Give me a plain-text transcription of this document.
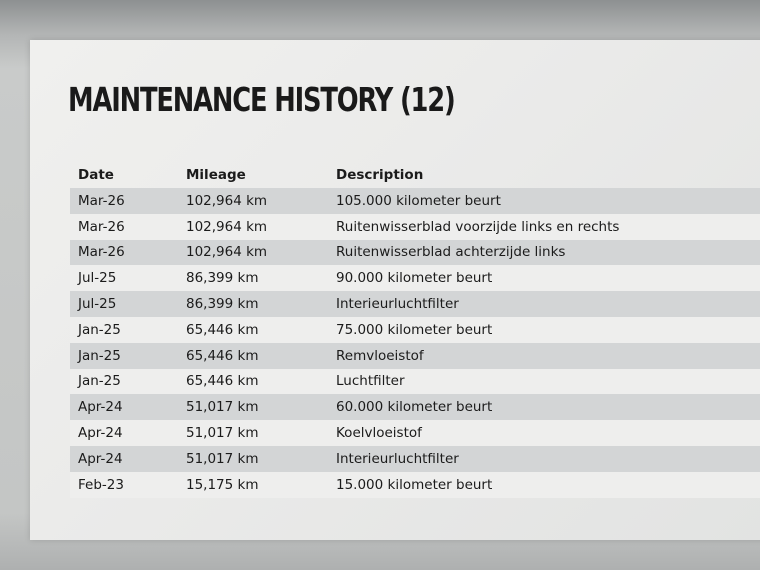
MAINTENANCE HISTORY (12)
Date	Mileage	Description
Mar-26	102,964 km	105.000 kilometer beurt
Mar-26	102,964 km	Ruitenwisserblad voorzijde links en rechts
Mar-26	102,964 km	Ruitenwisserblad achterzijde links
Jul-25	86,399 km	90.000 kilometer beurt
Jul-25	86,399 km	Interieurluchtfilter
Jan-25	65,446 km	75.000 kilometer beurt
Jan-25	65,446 km	Remvloeistof
Jan-25	65,446 km	Luchtfilter
Apr-24	51,017 km	60.000 kilometer beurt
Apr-24	51,017 km	Koelvloeistof
Apr-24	51,017 km	Interieurluchtfilter
Feb-23	15,175 km	15.000 kilometer beurt
